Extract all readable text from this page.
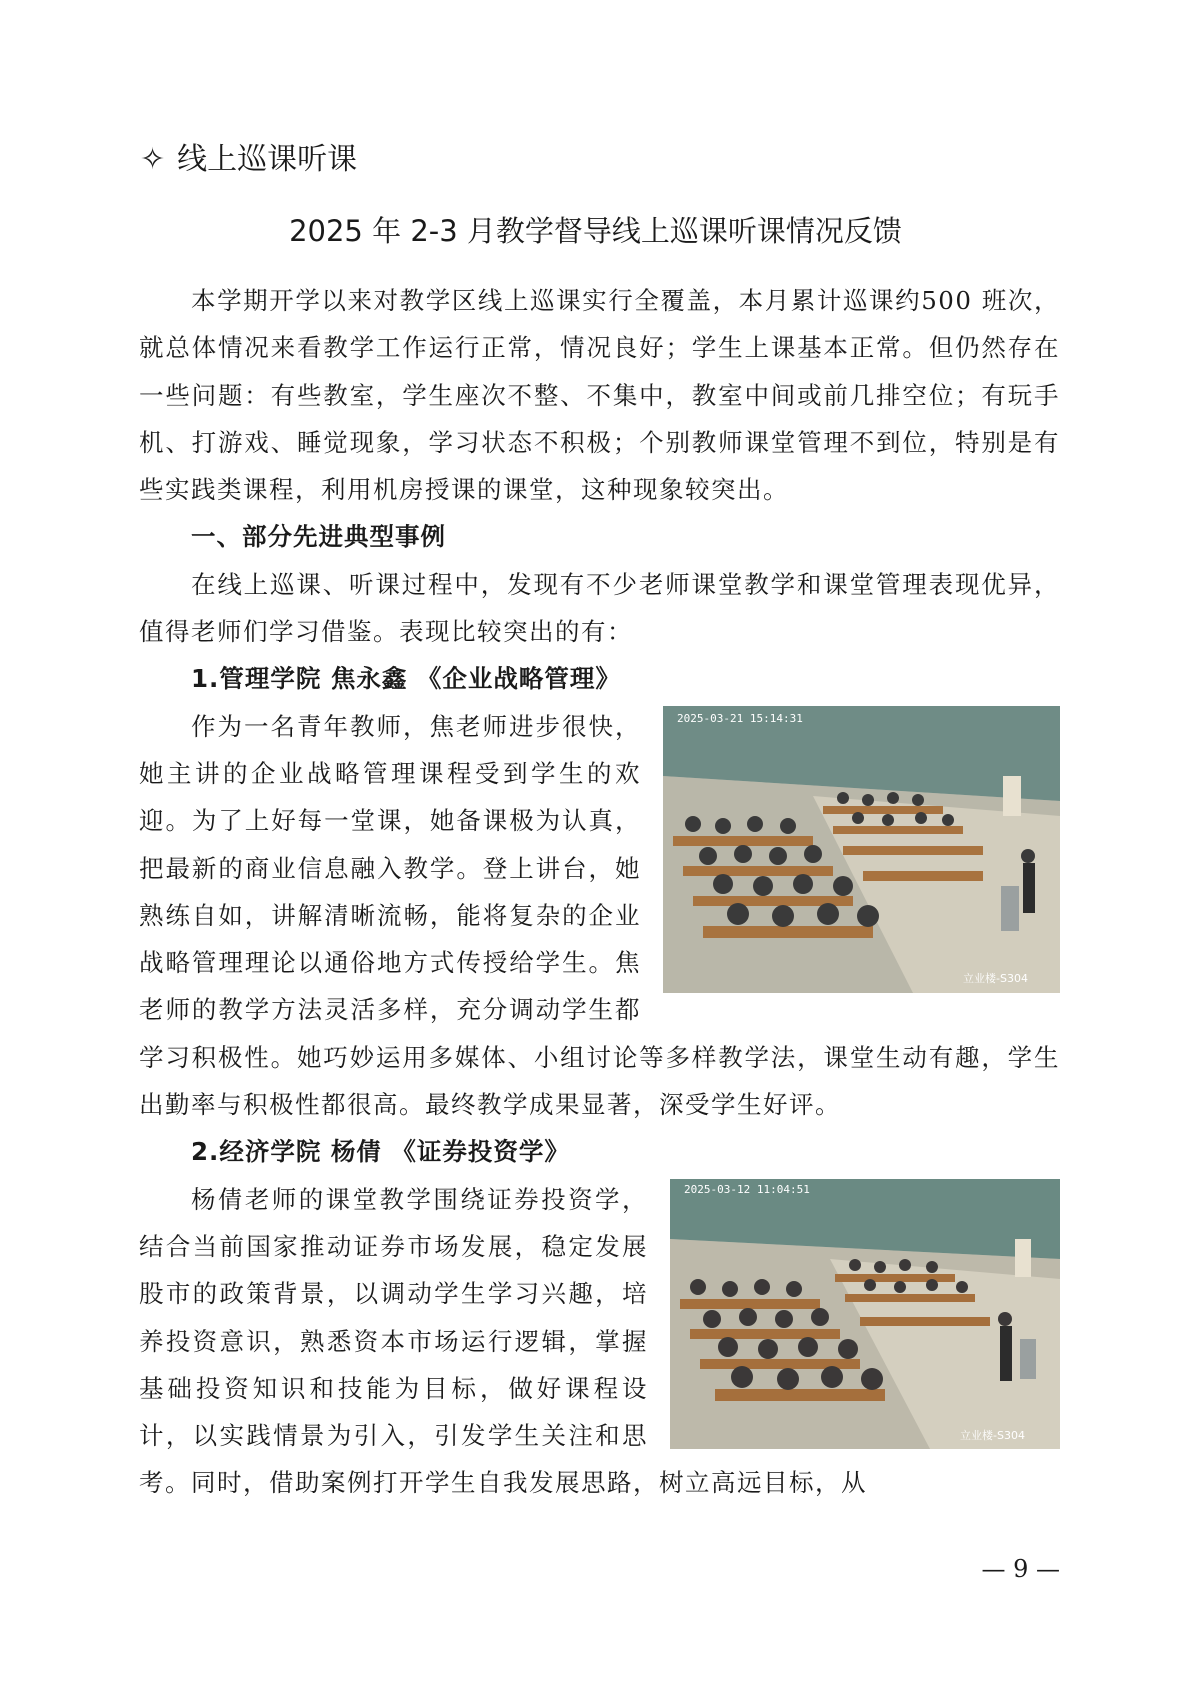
✧ 线上巡课听课
2025 年 2-3 月教学督导线上巡课听课情况反馈

本学期开学以来对教学区线上巡课实行全覆盖，本月累计巡课约500 班次，就总体情况来看教学工作运行正常，情况良好；学生上课基本正常。但仍然存在一些问题：有些教室，学生座次不整、不集中，教室中间或前几排空位；有玩手机、打游戏、睡觉现象，学习状态不积极；个别教师课堂管理不到位，特别是有些实践类课程，利用机房授课的课堂，这种现象较突出。

一、部分先进典型事例

在线上巡课、听课过程中，发现有不少老师课堂教学和课堂管理表现优异，值得老师们学习借鉴。表现比较突出的有：

1.管理学院 焦永鑫 《企业战略管理》

2025-03-21 15:14:31
立业楼-S304

作为一名青年教师，焦老师进步很快，她主讲的企业战略管理课程受到学生的欢迎。为了上好每一堂课，她备课极为认真，把最新的商业信息融入教学。登上讲台，她熟练自如，讲解清晰流畅，能将复杂的企业战略管理理论以通俗地方式传授给学生。焦老师的教学方法灵活多样，充分调动学生都学习积极性。她巧妙运用多媒体、小组讨论等多样教学法，课堂生动有趣，学生出勤率与积极性都很高。最终教学成果显著，深受学生好评。

2.经济学院 杨倩 《证券投资学》

2025-03-12 11:04:51
立业楼-S304

杨倩老师的课堂教学围绕证券投资学，结合当前国家推动证券市场发展，稳定发展股市的政策背景，以调动学生学习兴趣，培养投资意识，熟悉资本市场运行逻辑，掌握基础投资知识和技能为目标，做好课程设计，以实践情景为引入，引发学生关注和思考。同时，借助案例打开学生自我发展思路，树立高远目标，从

— 9 —
